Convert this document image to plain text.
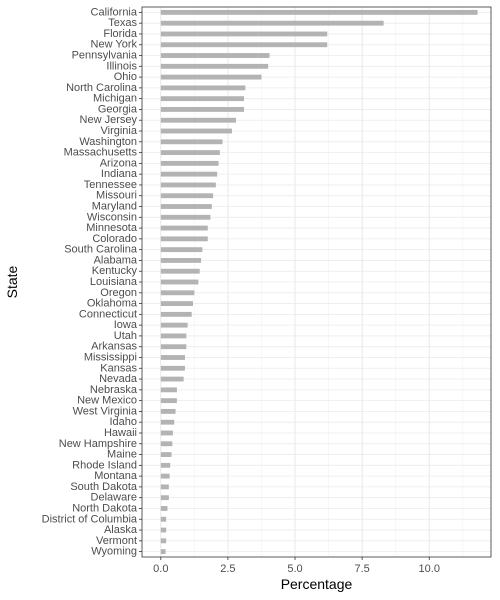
California
Texas
Florida
New York
Pennsylvania
Illinois
Ohio
North Carolina
Michigan
Georgia
New Jersey
Virginia
Washington
Massachusetts
Arizona
Indiana
Tennessee
Missouri
Maryland
Wisconsin
Minnesota
Colorado
South Carolina
Alabama
Kentucky
Louisiana
Oregon
Oklahoma
Connecticut
Iowa
Utah
Arkansas
Mississippi
Kansas
Nevada
Nebraska
New Mexico
West Virginia
Idaho
Hawaii
New Hampshire
Maine
Rhode Island
Montana
South Dakota
Delaware
North Dakota
District of Columbia
Alaska
Vermont
Wyoming
0.0	2.5	5.0	7.5	10.0
Percentage
State
